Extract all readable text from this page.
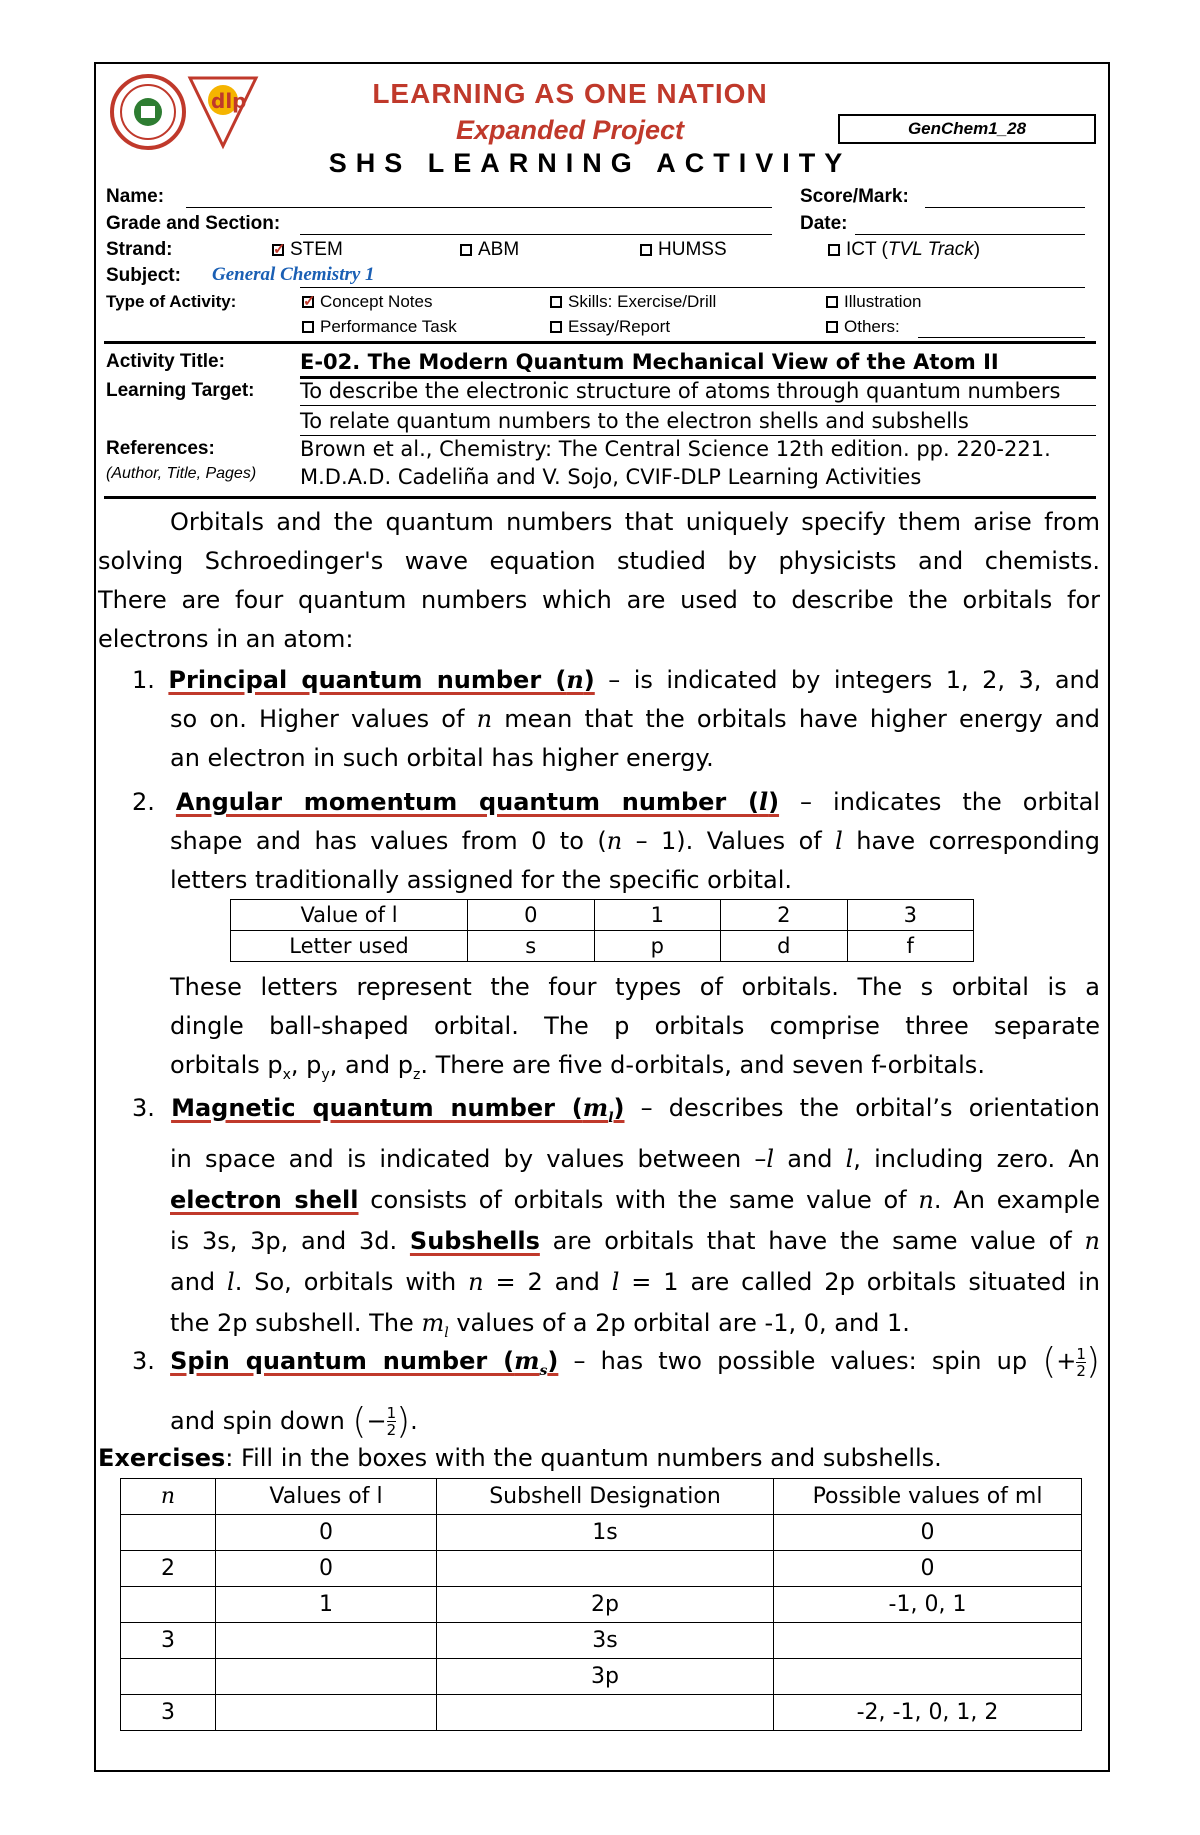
dlp	LEARNING AS ONE NATION
Expanded Project	GenChem1_28
SHS LEARNING ACTIVITY
Name:	Score/Mark:
Grade and Section:	Date:
Strand: ✓	STEM	ABM	HUMSS	ICT (TVL Track)
Subject: General Chemistry 1
Type of Activity: ✓	Concept Notes	Skills: Exercise/Drill	Illustration
Performance Task	Essay/Report	Others:
Activity Title:	E-02. The Modern Quantum Mechanical View of the Atom II
Learning Target: To describe the electronic structure of atoms through quantum numbers
To relate quantum numbers to the electron shells and subshells
References:	Brown et al., Chemistry: The Central Science 12th edition. pp. 220-221.
(Author, Title, Pages) M.D.A.D. Cadeliña and V. Sojo, CVIF-DLP Learning Activities
Orbitals and the quantum numbers that uniquely specify them arise from
solving Schroedinger's wave equation studied by physicists and chemists.
There are four quantum numbers which are used to describe the orbitals for
electrons in an atom:
1. Principal quantum number (n) – is indicated by integers 1, 2, 3, and
so on. Higher values of n mean that the orbitals have higher energy and
an electron in such orbital has higher energy.
2. Angular momentum quantum number (l) – indicates the orbital
shape and has values from 0 to (n – 1). Values of l have corresponding
letters traditionally assigned for the specific orbital.
Value of l	0	1	2	3
Letter used	s	p	d	f
These letters represent the four types of orbitals. The s orbital is a
dingle ball-shaped orbital. The p orbitals comprise three separate
orbitals $p_x$, $p_y$, and $p_z$. There are five d-orbitals, and seven f-orbitals.
3. Magnetic quantum number $(m_l)$ – describes the orbital’s orientation
in space and is indicated by values between –l and l, including zero. An
electron shell consists of orbitals with the same value of n. An example
is 3s, 3p, and 3d. Subshells are orbitals that have the same value of n
and l. So, orbitals with n = 2 and l = 1 are called 2p orbitals situated in
the 2p subshell. The $m_l$ values of a 2p orbital are -1, 0, and 1.
3. Spin quantum number $(m_s)$ – has two possible values: spin up (+ $\frac{1}{2}$ )
and spin down (− $\frac{1}{2}$ ).
Exercises: Fill in the boxes with the quantum numbers and subshells.
n	Values of l	Subshell Designation	Possible values of ml
	0	1s	0
2	0		0
	1	2p	-1, 0, 1
3		3s	
		3p	
3			-2, -1, 0, 1, 2
